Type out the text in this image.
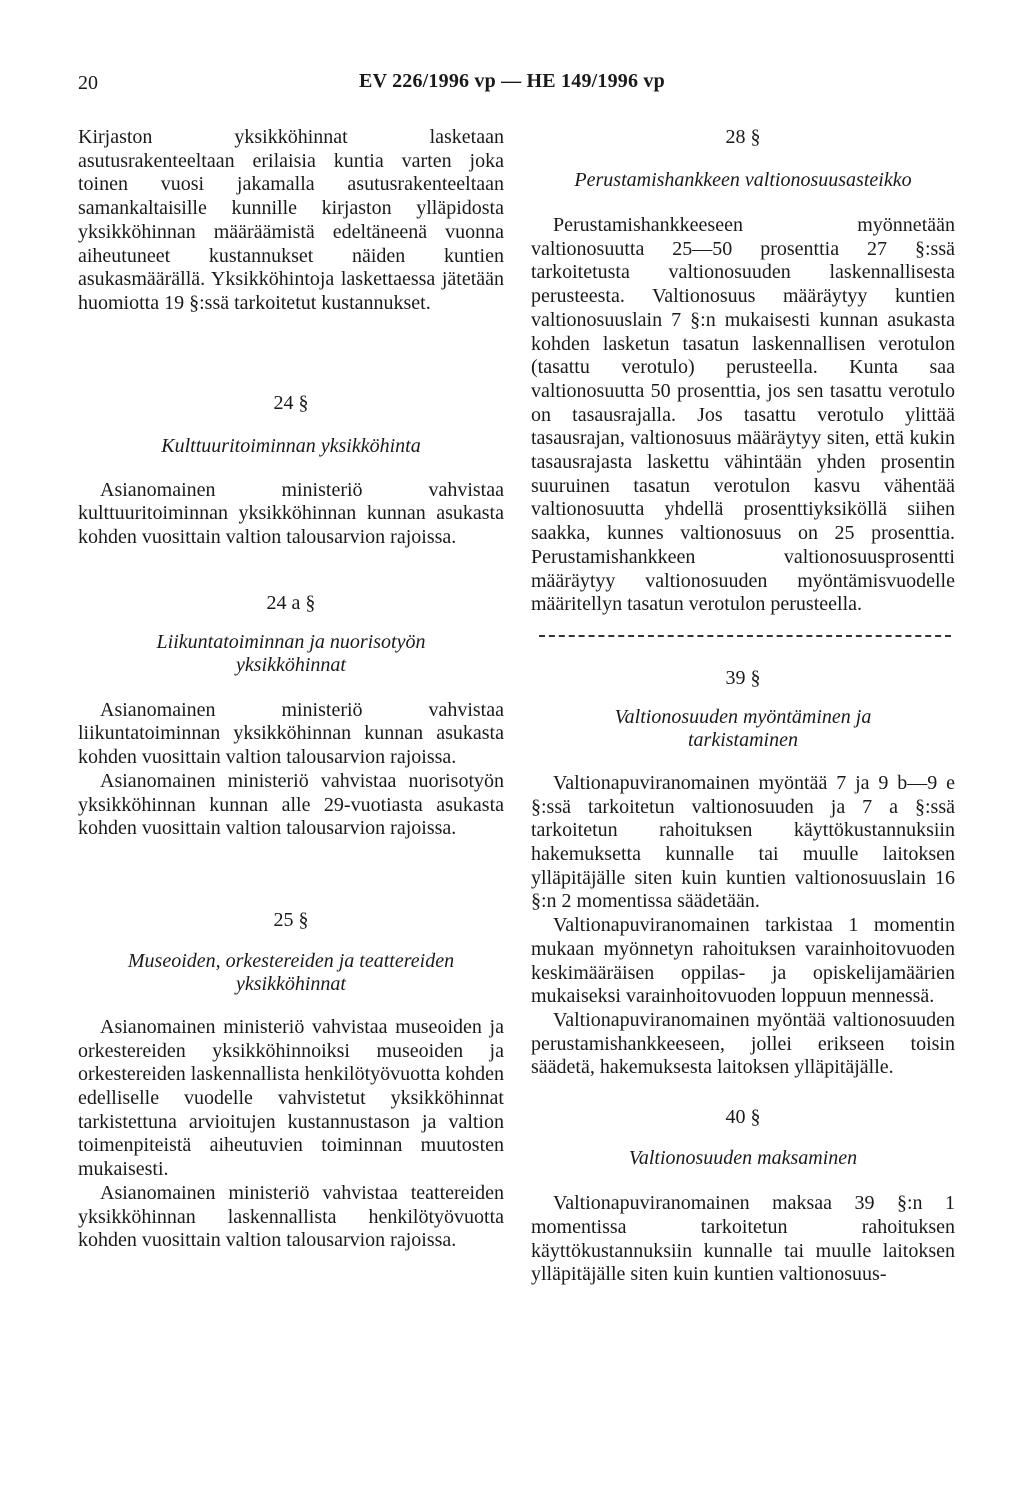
20	EV 226/1996 vp — HE 149/1996 vp

Kirjaston yksikköhinnat lasketaan asutusrakenteeltaan erilaisia kuntia varten joka toinen vuosi jakamalla asutusrakenteeltaan samankaltaisille kunnille kirjaston ylläpidosta yksikköhinnan määräämistä edeltäneenä vuonna aiheutuneet kustannukset näiden kuntien asukasmäärällä. Yksikköhintoja laskettaessa jätetään huomiotta 19 §:ssä tarkoitetut kustannukset.

24 §

Kulttuuritoiminnan yksikköhinta

Asianomainen ministeriö vahvistaa kulttuuritoiminnan yksikköhinnan kunnan asukasta kohden vuosittain valtion talousarvion rajoissa.

24 a §

Liikuntatoiminnan ja nuorisotyön yksikköhinnat

Asianomainen ministeriö vahvistaa liikuntatoiminnan yksikköhinnan kunnan asukasta kohden vuosittain valtion talousarvion rajoissa.

Asianomainen ministeriö vahvistaa nuorisotyön yksikköhinnan kunnan alle 29-vuotiasta asukasta kohden vuosittain valtion talousarvion rajoissa.

25 §

Museoiden, orkestereiden ja teattereiden yksikköhinnat

Asianomainen ministeriö vahvistaa museoiden ja orkestereiden yksikköhinnoiksi museoiden ja orkestereiden laskennallista henkilötyövuotta kohden edelliselle vuodelle vahvistetut yksikköhinnat tarkistettuna arvioitujen kustannustason ja valtion toimenpiteistä aiheutuvien toiminnan muutosten mukaisesti.

Asianomainen ministeriö vahvistaa teattereiden yksikköhinnan laskennallista henkilötyövuotta kohden vuosittain valtion talousarvion rajoissa.

28 §

Perustamishankkeen valtionosuusasteikko

Perustamishankkeeseen myönnetään valtionosuutta 25—50 prosenttia 27 §:ssä tarkoitetusta valtionosuuden laskennallisesta perusteesta. Valtionosuus määräytyy kuntien valtionosuuslain 7 §:n mukaisesti kunnan asukasta kohden lasketun tasatun laskennallisen verotulon (tasattu verotulo) perusteella. Kunta saa valtionosuutta 50 prosenttia, jos sen tasattu verotulo on tasausrajalla. Jos tasattu verotulo ylittää tasausrajan, valtionosuus määräytyy siten, että kukin tasausrajasta laskettu vähintään yhden prosentin suuruinen tasatun verotulon kasvu vähentää valtionosuutta yhdellä prosenttiyksiköllä siihen saakka, kunnes valtionosuus on 25 prosenttia. Perustamishankkeen valtionosuusprosentti määräytyy valtionosuuden myöntämisvuodelle määritellyn tasatun verotulon perusteella.

39 §

Valtionosuuden myöntäminen ja tarkistaminen

Valtionapuviranomainen myöntää 7 ja 9 b—9 e §:ssä tarkoitetun valtionosuuden ja 7 a §:ssä tarkoitetun rahoituksen käyttökustannuksiin hakemuksetta kunnalle tai muulle laitoksen ylläpitäjälle siten kuin kuntien valtionosuuslain 16 §:n 2 momentissa säädetään.

Valtionapuviranomainen tarkistaa 1 momentin mukaan myönnetyn rahoituksen varainhoitovuoden keskimääräisen oppilas- ja opiskelijamäärien mukaiseksi varainhoitovuoden loppuun mennessä.

Valtionapuviranomainen myöntää valtionosuuden perustamishankkeeseen, jollei erikseen toisin säädetä, hakemuksesta laitoksen ylläpitäjälle.

40 §

Valtionosuuden maksaminen

Valtionapuviranomainen maksaa 39 §:n 1 momentissa tarkoitetun rahoituksen käyttökustannuksiin kunnalle tai muulle laitoksen ylläpitäjälle siten kuin kuntien valtionosuus-
